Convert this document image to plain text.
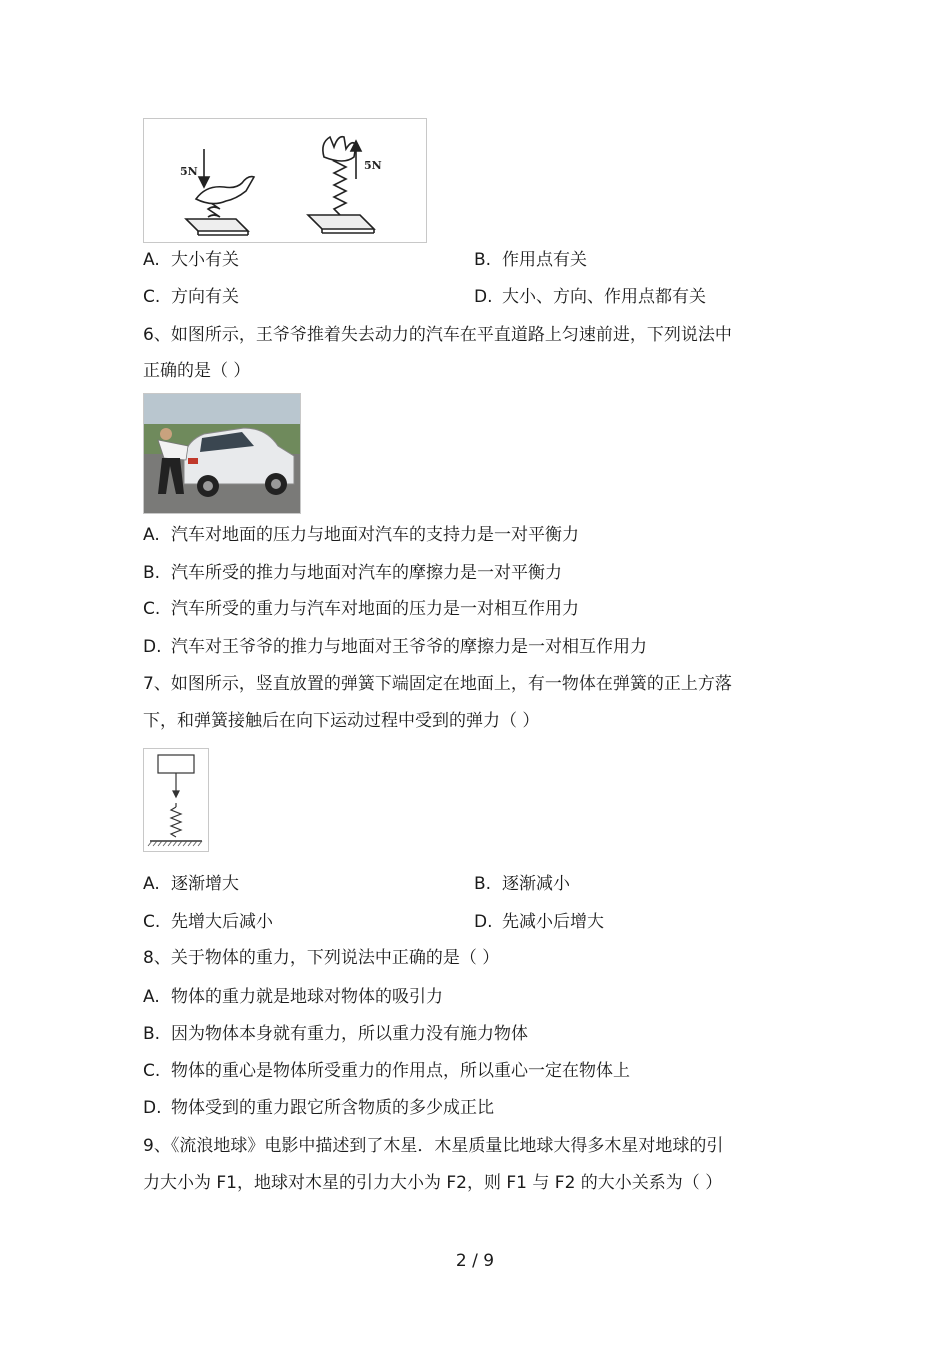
5N	5N
A. 大小有关	B. 作用点有关
C. 方向有关	D. 大小、方向、作用点都有关
6、如图所示，王爷爷推着失去动力的汽车在平直道路上匀速前进，下列说法中
正确的是（ ）
A. 汽车对地面的压力与地面对汽车的支持力是一对平衡力
B. 汽车所受的推力与地面对汽车的摩擦力是一对平衡力
C. 汽车所受的重力与汽车对地面的压力是一对相互作用力
D. 汽车对王爷爷的推力与地面对王爷爷的摩擦力是一对相互作用力
7、如图所示，竖直放置的弹簧下端固定在地面上，有一物体在弹簧的正上方落
下，和弹簧接触后在向下运动过程中受到的弹力（ ）
A. 逐渐增大	B. 逐渐减小
C. 先增大后减小	D. 先减小后增大
8、关于物体的重力，下列说法中正确的是（ ）
A. 物体的重力就是地球对物体的吸引力
B. 因为物体本身就有重力，所以重力没有施力物体
C. 物体的重心是物体所受重力的作用点，所以重心一定在物体上
D. 物体受到的重力跟它所含物质的多少成正比
9、《流浪地球》电影中描述到了木星．木星质量比地球大得多木星对地球的引
力大小为 F1，地球对木星的引力大小为 F2，则 F1 与 F2 的大小关系为（ ）
2 / 9
